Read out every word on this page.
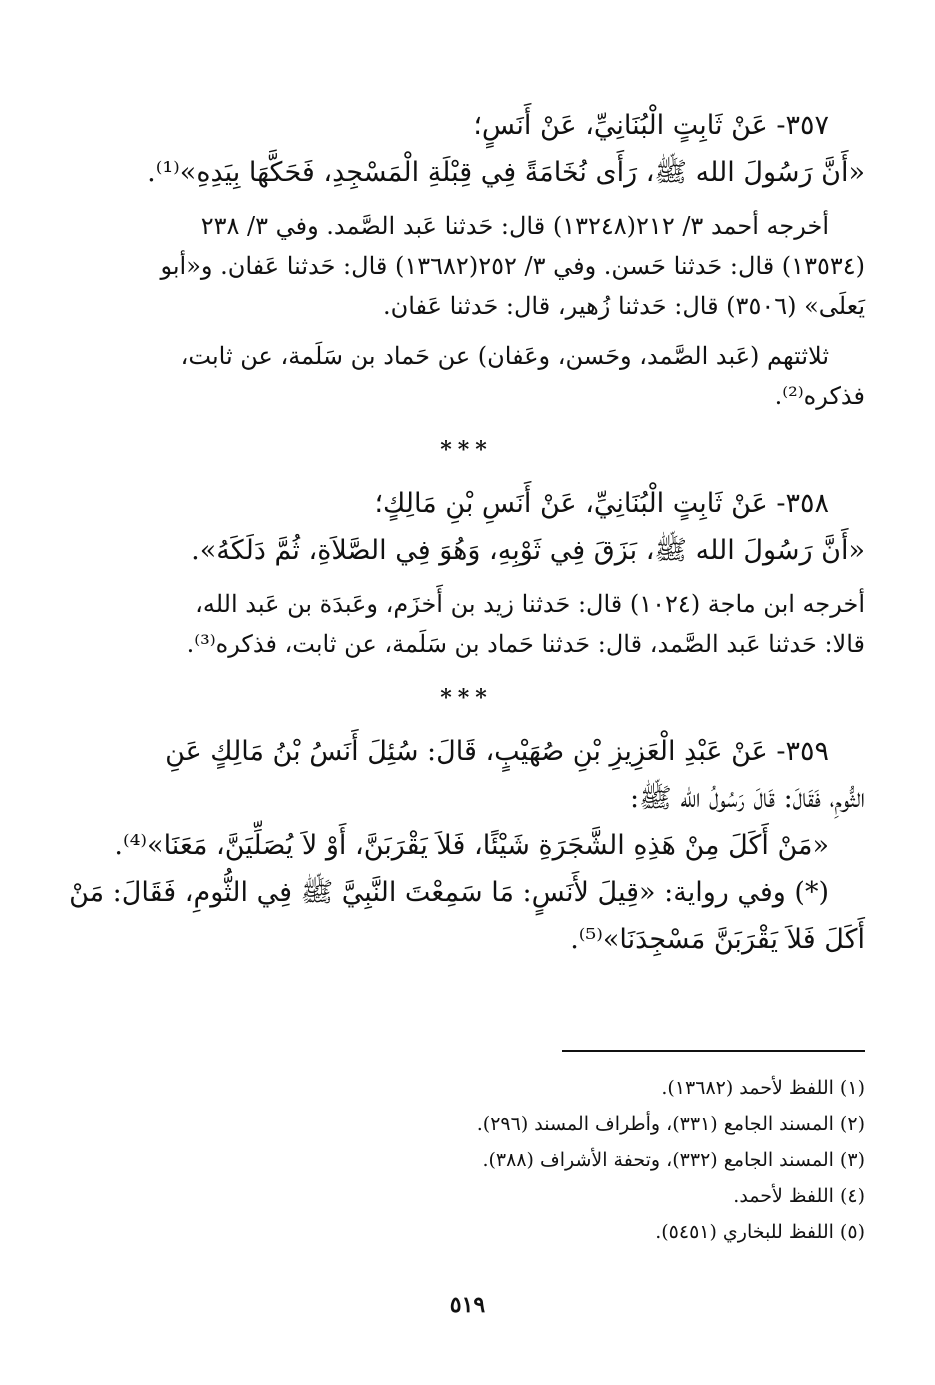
٣٥٧- عَنْ ثَابِتٍ الْبُنَانِيِّ، عَنْ أَنَسٍ؛
«أَنَّ رَسُولَ الله ﷺ، رَأَى نُخَامَةً فِي قِبْلَةِ الْمَسْجِدِ، فَحَكَّهَا بِيَدِهِ»⁽¹⁾.
أخرجه أحمد ٣/ ٢١٢(١٣٢٤٨) قال: حَدثنا عَبد الصَّمد. وفي ٣/ ٢٣٨
(١٣٥٣٤) قال: حَدثنا حَسن. وفي ٣/ ٢٥٢(١٣٦٨٢) قال: حَدثنا عَفان. و«أبو
يَعلَى» (٣٥٠٦) قال: حَدثنا زُهير، قال: حَدثنا عَفان.
ثلاثتهم (عَبد الصَّمد، وحَسن، وعَفان) عن حَماد بن سَلَمة، عن ثابت،
فذكره⁽²⁾.
***
٣٥٨- عَنْ ثَابِتٍ الْبُنَانِيِّ، عَنْ أَنَسِ بْنِ مَالِكٍ؛
«أَنَّ رَسُولَ الله ﷺ، بَزَقَ فِي ثَوْبِهِ، وَهُوَ فِي الصَّلاَةِ، ثُمَّ دَلَكَهُ».
أخرجه ابن ماجة (١٠٢٤) قال: حَدثنا زيد بن أَخزَم، وعَبدَة بن عَبد الله،
قالا: حَدثنا عَبد الصَّمد، قال: حَدثنا حَماد بن سَلَمة، عن ثابت، فذكره⁽³⁾.
***
٣٥٩- عَنْ عَبْدِ الْعَزِيزِ بْنِ صُهَيْبٍ، قَالَ: سُئِلَ أَنَسُ بْنُ مَالِكٍ عَنِ
الثُّومِ، فَقَالَ: قَالَ رَسُولُ الله ﷺ:
«مَنْ أَكَلَ مِنْ هَذِهِ الشَّجَرَةِ شَيْئًا، فَلاَ يَقْرَبَنَّ، أَوْ لاَ يُصَلِّيَنَّ، مَعَنَا»⁽⁴⁾.
(*) وفي رواية: «قِيلَ لأَنَسٍ: مَا سَمِعْتَ النَّبِيَّ ﷺ فِي الثُّومِ، فَقَالَ: مَنْ
أَكَلَ فَلاَ يَقْرَبَنَّ مَسْجِدَنَا»⁽⁵⁾.
(١) اللفظ لأحمد (١٣٦٨٢).
(٢) المسند الجامع (٣٣١)، وأطراف المسند (٢٩٦).
(٣) المسند الجامع (٣٣٢)، وتحفة الأشراف (٣٨٨).
(٤) اللفظ لأحمد.
(٥) اللفظ للبخاري (٥٤٥١).
٥١٩
